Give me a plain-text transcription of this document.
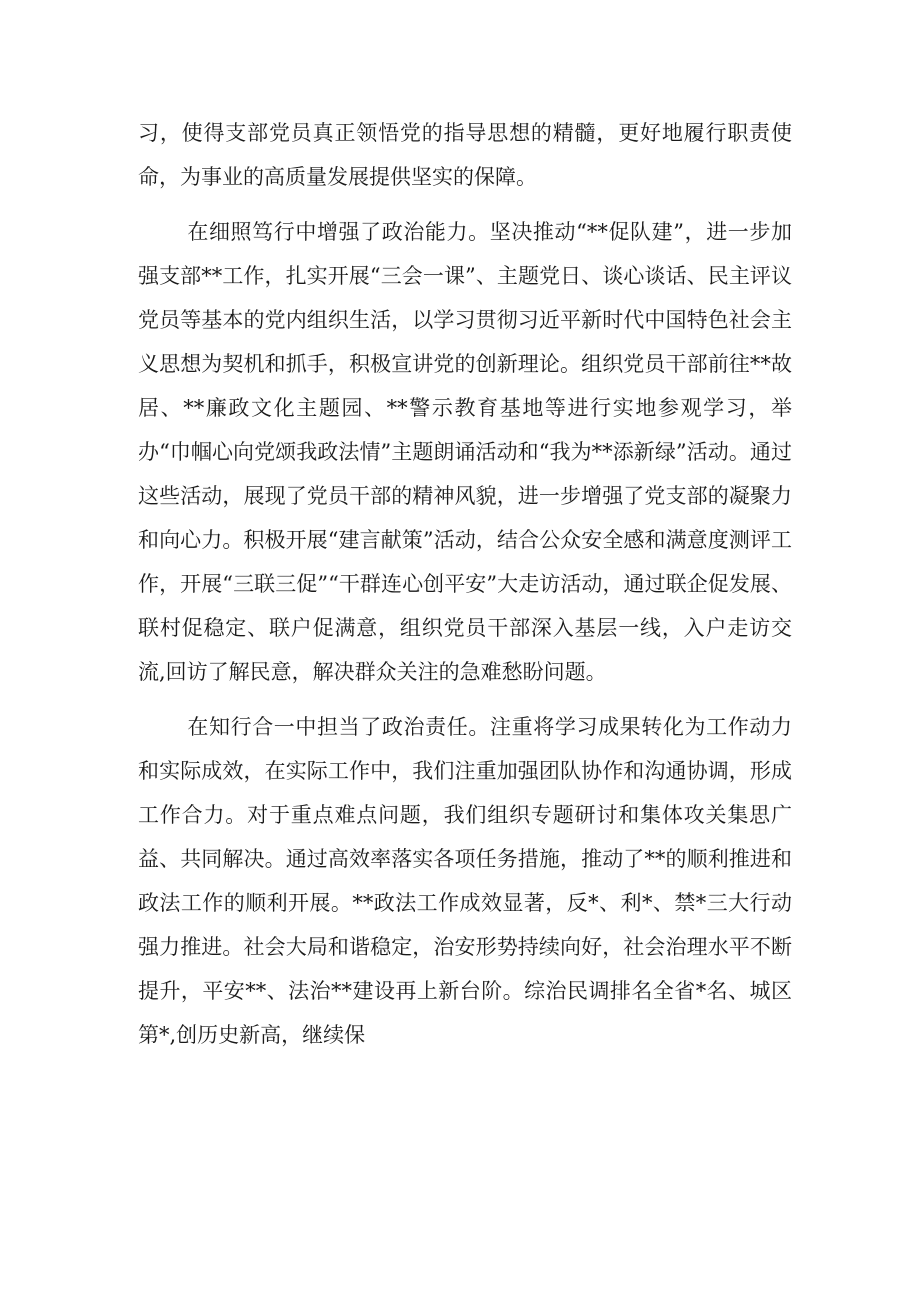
习，使得支部党员真正领悟党的指导思想的精髓，更好地履行职责使命，为事业的高质量发展提供坚实的保障。

在细照笃行中增强了政治能力。坚决推动“**促队建”，进一步加强支部**工作，扎实开展“三会一课”、主题党日、谈心谈话、民主评议党员等基本的党内组织生活，以学习贯彻习近平新时代中国特色社会主义思想为契机和抓手，积极宣讲党的创新理论。组织党员干部前往**故居、**廉政文化主题园、**警示教育基地等进行实地参观学习，举办“巾帼心向党颂我政法情”主题朗诵活动和“我为**添新绿”活动。通过这些活动，展现了党员干部的精神风貌，进一步增强了党支部的凝聚力和向心力。积极开展“建言献策”活动，结合公众安全感和满意度测评工作，开展“三联三促”“干群连心创平安”大走访活动，通过联企促发展、联村促稳定、联户促满意，组织党员干部深入基层一线，入户走访交流,回访了解民意，解决群众关注的急难愁盼问题。

在知行合一中担当了政治责任。注重将学习成果转化为工作动力和实际成效，在实际工作中，我们注重加强团队协作和沟通协调，形成工作合力。对于重点难点问题，我们组织专题研讨和集体攻关集思广益、共同解决。通过高效率落实各项任务措施，推动了**的顺利推进和政法工作的顺利开展。**政法工作成效显著，反*、利*、禁*三大行动强力推进。社会大局和谐稳定，治安形势持续向好，社会治理水平不断提升，平安**、法治**建设再上新台阶。综治民调排名全省*名、城区第*,创历史新高，继续保
